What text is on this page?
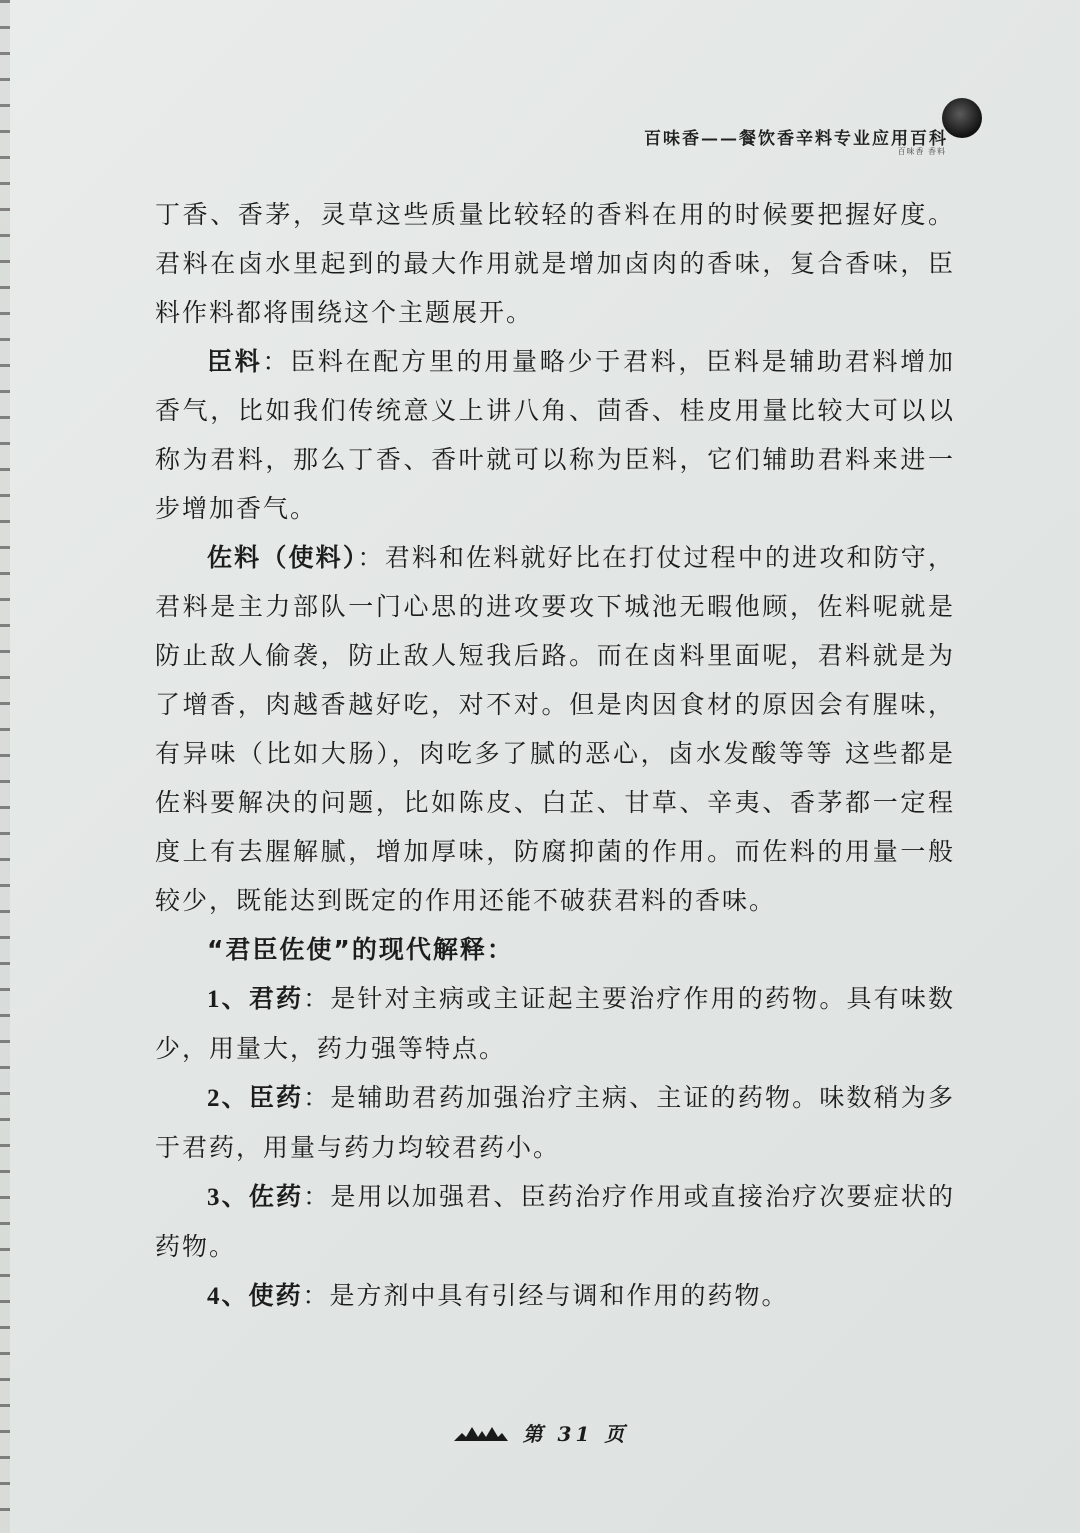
百味香——餐饮香辛料专业应用百科
百味香 香料

丁香、香茅，灵草这些质量比较轻的香料在用的时候要把握好度。君料在卤水里起到的最大作用就是增加卤肉的香味，复合香味，臣料作料都将围绕这个主题展开。

臣料：臣料在配方里的用量略少于君料，臣料是辅助君料增加香气，比如我们传统意义上讲八角、茴香、桂皮用量比较大可以以称为君料，那么丁香、香叶就可以称为臣料，它们辅助君料来进一步增加香气。

佐料（使料）：君料和佐料就好比在打仗过程中的进攻和防守，君料是主力部队一门心思的进攻要攻下城池无暇他顾，佐料呢就是防止敌人偷袭，防止敌人短我后路。而在卤料里面呢，君料就是为了增香，肉越香越好吃，对不对。但是肉因食材的原因会有腥味，有异味（比如大肠），肉吃多了腻的恶心，卤水发酸等等 这些都是佐料要解决的问题，比如陈皮、白芷、甘草、辛夷、香茅都一定程度上有去腥解腻，增加厚味，防腐抑菌的作用。而佐料的用量一般较少，既能达到既定的作用还能不破获君料的香味。

“君臣佐使”的现代解释：

1、君药：是针对主病或主证起主要治疗作用的药物。具有味数少，用量大，药力强等特点。

2、臣药：是辅助君药加强治疗主病、主证的药物。味数稍为多于君药，用量与药力均较君药小。

3、佐药：是用以加强君、臣药治疗作用或直接治疗次要症状的药物。

4、使药：是方剂中具有引经与调和作用的药物。

第 31 页
